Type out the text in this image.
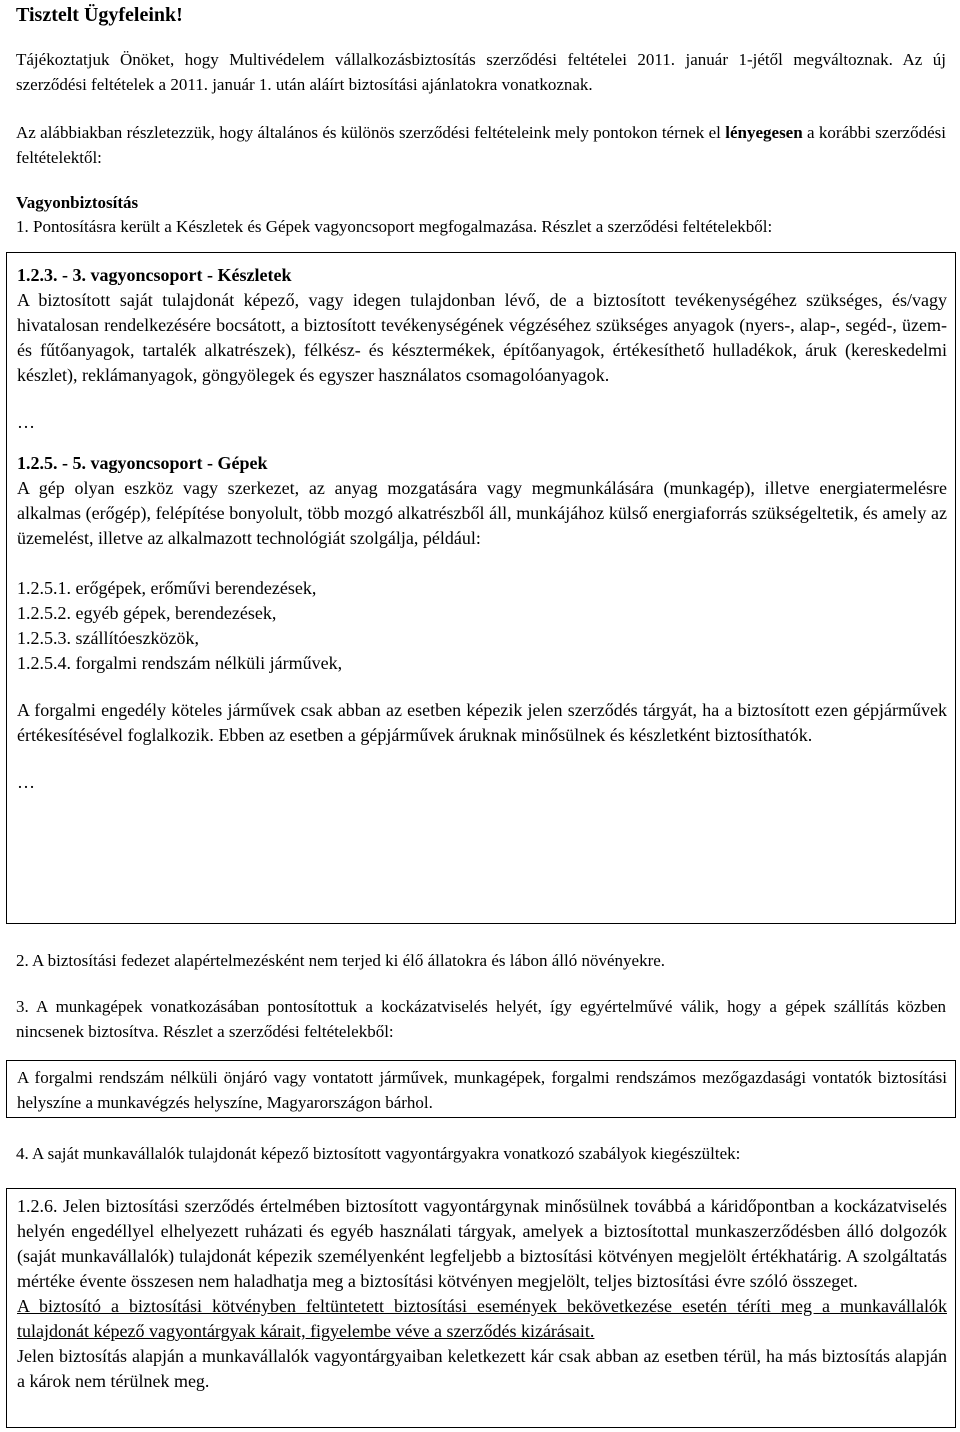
Tisztelt Ügyfeleink!

Tájékoztatjuk Önöket, hogy Multivédelem vállalkozásbiztosítás szerződési feltételei 2011. január 1-jétől megváltoznak. Az új szerződési feltételek a 2011. január 1. után aláírt biztosítási ajánlatokra vonatkoznak.

Az alábbiakban részletezzük, hogy általános és különös szerződési feltételeink mely pontokon térnek el lényegesen a korábbi szerződési feltételektől:

Vagyonbiztosítás
1. Pontosításra került a Készletek és Gépek vagyoncsoport megfogalmazása. Részlet a szerződési feltételekből:
1.2.3. - 3. vagyoncsoport - Készletek
A biztosított saját tulajdonát képező, vagy idegen tulajdonban lévő, de a biztosított tevékenységéhez szükséges, és/vagy hivatalosan rendelkezésére bocsátott, a biztosított tevékenységének végzéséhez szükséges anyagok (nyers-, alap-, segéd-, üzem- és fűtőanyagok, tartalék alkatrészek), félkész- és késztermékek, építőanyagok, értékesíthető hulladékok, áruk (kereskedelmi készlet), reklámanyagok, göngyölegek és egyszer használatos csomagolóanyagok.
…
1.2.5. - 5. vagyoncsoport - Gépek
A gép olyan eszköz vagy szerkezet, az anyag mozgatására vagy megmunkálására (munkagép), illetve energiatermelésre alkalmas (erőgép), felépítése bonyolult, több mozgó alkatrészből áll, munkájához külső energiaforrás szükségeltetik, és amely az üzemelést, illetve az alkalmazott technológiát szolgálja, például:
1.2.5.1. erőgépek, erőművi berendezések,
1.2.5.2. egyéb gépek, berendezések,
1.2.5.3. szállítóeszközök,
1.2.5.4. forgalmi rendszám nélküli járművek,
A forgalmi engedély köteles járművek csak abban az esetben képezik jelen szerződés tárgyát, ha a biztosított ezen gépjárművek értékesítésével foglalkozik. Ebben az esetben a gépjárművek áruknak minősülnek és készletként biztosíthatók.
…
2. A biztosítási fedezet alapértelmezésként nem terjed ki élő állatokra és lábon álló növényekre.

3. A munkagépek vonatkozásában pontosítottuk a kockázatviselés helyét, így egyértelművé válik, hogy a gépek szállítás közben nincsenek biztosítva. Részlet a szerződési feltételekből:

A forgalmi rendszám nélküli önjáró vagy vontatott járművek, munkagépek, forgalmi rendszámos mezőgazdasági vontatók biztosítási helyszíne a munkavégzés helyszíne, Magyarországon bárhol.
4. A saját munkavállalók tulajdonát képező biztosított vagyontárgyakra vonatkozó szabályok kiegészültek:
1.2.6. Jelen biztosítási szerződés értelmében biztosított vagyontárgynak minősülnek továbbá a káridőpontban a kockázatviselés helyén engedéllyel elhelyezett ruházati és egyéb használati tárgyak, amelyek a biztosítottal munkaszerződésben álló dolgozók (saját munkavállalók) tulajdonát képezik személyenként legfeljebb a biztosítási kötvényen megjelölt értékhatárig. A szolgáltatás mértéke évente összesen nem haladhatja meg a biztosítási kötvényen megjelölt, teljes biztosítási évre szóló összeget.
A biztosító a biztosítási kötvényben feltüntetett biztosítási események bekövetkezése esetén téríti meg a munkavállalók tulajdonát képező vagyontárgyak kárait, figyelembe véve a szerződés kizárásait.
Jelen biztosítás alapján a munkavállalók vagyontárgyaiban keletkezett kár csak abban az esetben térül, ha más biztosítás alapján a károk nem térülnek meg.
